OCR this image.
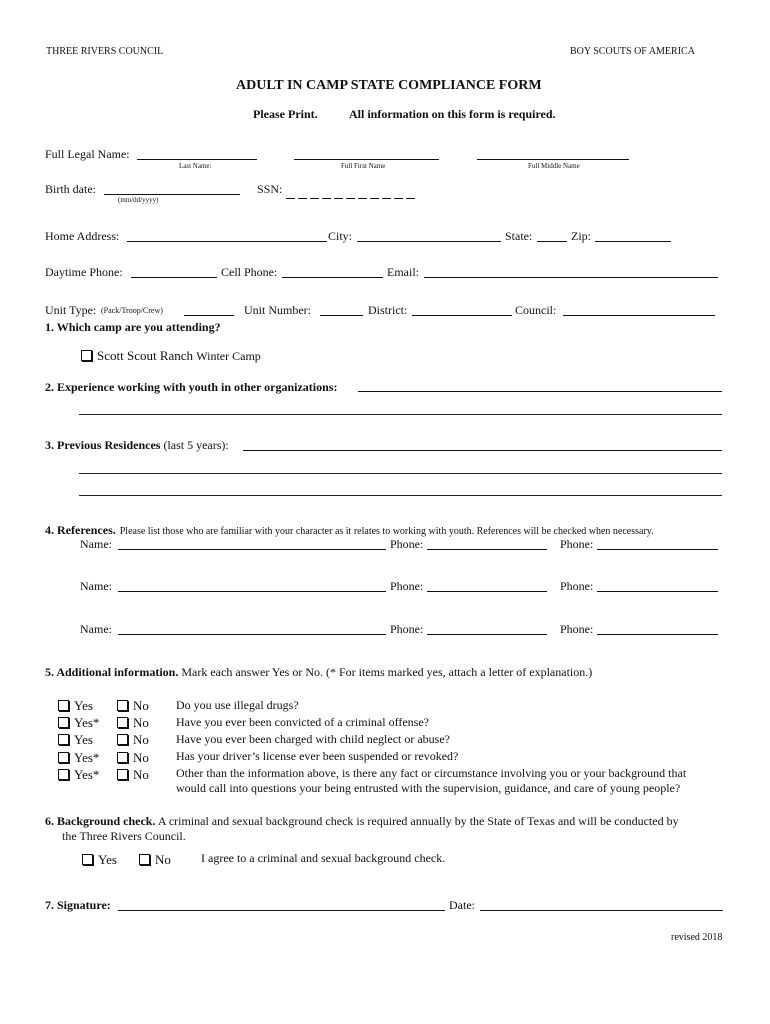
THREE RIVERS COUNCIL	BOY SCOUTS OF AMERICA
ADULT IN CAMP STATE COMPLIANCE FORM
Please Print.	All information on this form is required.
Full Legal Name:
Last Name:	Full First Name	Full Middle Name
Birth date:
(mm/dd/yyyy)
SSN:
Home Address:	City:	State:	Zip:
Daytime Phone:	Cell Phone:	Email:
Unit Type: (Pack/Troop/Crew)	Unit Number:	District:	Council:
1. Which camp are you attending?
Scott Scout Ranch Winter Camp
2. Experience working with youth in other organizations:
3. Previous Residences (last 5 years):
4. References. Please list those who are familiar with your character as it relates to working with youth. References will be checked when necessary.
Name:	Phone:	Phone:
Name:	Phone:	Phone:
Name:	Phone:	Phone:
5. Additional information. Mark each answer Yes or No. (* For items marked yes, attach a letter of explanation.)
Yes	No Do you use illegal drugs?
Yes*	No Have you ever been convicted of a criminal offense?
Yes	No Have you ever been charged with child neglect or abuse?
Yes*	No Has your driver’s license ever been suspended or revoked?
Yes*	No Other than the information above, is there any fact or circumstance involving you or your background that
would call into questions your being entrusted with the supervision, guidance, and care of young people?
6. Background check. A criminal and sexual background check is required annually by the State of Texas and will be conducted by
the Three Rivers Council.
Yes	No	I agree to a criminal and sexual background check.
7. Signature:	Date:
revised 2018
